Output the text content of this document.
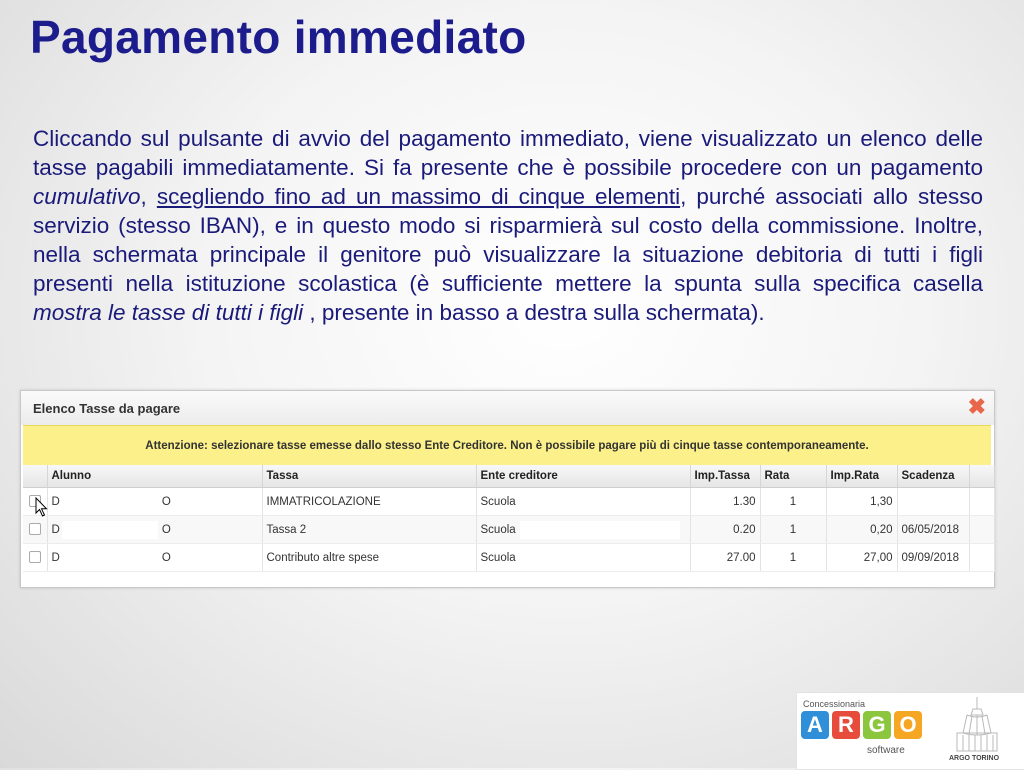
Pagamento immediato
Cliccando sul pulsante di avvio del pagamento immediato, viene visualizzato un elenco delle tasse pagabili immediatamente. Si fa presente che è possibile procedere con un pagamento cumulativo, scegliendo fino ad un massimo di cinque elementi, purché associati allo stesso servizio (stesso IBAN), e in questo modo si risparmierà sul costo della commissione. Inoltre, nella schermata principale il genitore può visualizzare la situazione debitoria di tutti i figli presenti nella istituzione scolastica (è sufficiente mettere la spunta sulla specifica casella mostra le tasse di tutti i figli , presente in basso a destra sulla schermata).
Elenco Tasse da pagare	✖
Attenzione: selezionare tasse emesse dallo stesso Ente Creditore. Non è possibile pagare più di cinque tasse contemporaneamente.
	Alunno	Tassa	Ente creditore	Imp.Tassa	Rata	Imp.Rata	Scadenza	
	D O	IMMATRICOLAZIONE	Scuola	1.30	1	1,30		
	D O	Tassa 2	Scuola	0.20	1	0,20	06/05/2018	
	D O	Contributo altre spese	Scuola	27.00	1	27,00	09/09/2018	
Concessionaria
A R G O
software
ARGO TORINO
